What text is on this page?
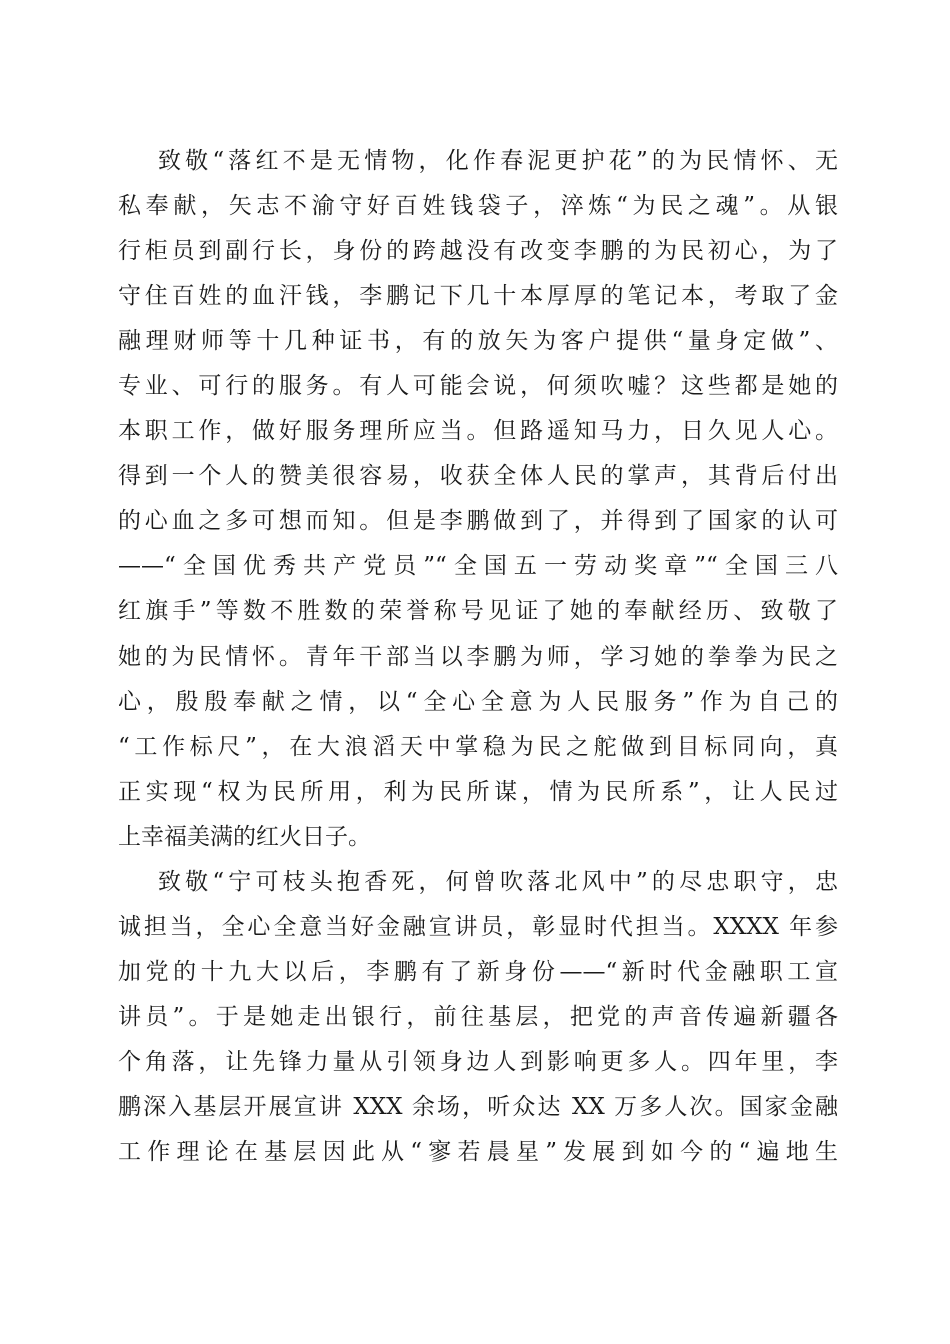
致敬“落红不是无情物，化作春泥更护花”的为民情怀、无
私奉献，矢志不渝守好百姓钱袋子，淬炼“为民之魂”。从银
行柜员到副行长，身份的跨越没有改变李鹏的为民初心，为了
守住百姓的血汗钱，李鹏记下几十本厚厚的笔记本，考取了金
融理财师等十几种证书，有的放矢为客户提供“量身定做”、
专业、可行的服务。有人可能会说，何须吹嘘？这些都是她的
本职工作，做好服务理所应当。但路遥知马力，日久见人心。
得到一个人的赞美很容易，收获全体人民的掌声，其背后付出
的心血之多可想而知。但是李鹏做到了，并得到了国家的认可
——“全国优秀共产党员”“全国五一劳动奖章”“全国三八
红旗手”等数不胜数的荣誉称号见证了她的奉献经历、致敬了
她的为民情怀。青年干部当以李鹏为师，学习她的拳拳为民之
心，殷殷奉献之情，以“全心全意为人民服务”作为自己的
“工作标尺”，在大浪滔天中掌稳为民之舵做到目标同向，真
正实现“权为民所用，利为民所谋，情为民所系”，让人民过
上幸福美满的红火日子。
致敬“宁可枝头抱香死，何曾吹落北风中”的尽忠职守，忠
诚担当，全心全意当好金融宣讲员，彰显时代担当。XXXX 年参
加党的十九大以后，李鹏有了新身份——“新时代金融职工宣
讲员”。于是她走出银行，前往基层，把党的声音传遍新疆各
个角落，让先锋力量从引领身边人到影响更多人。四年里，李
鹏深入基层开展宣讲 XXX 余场，听众达 XX 万多人次。国家金融
工作理论在基层因此从“寥若晨星”发展到如今的“遍地生
